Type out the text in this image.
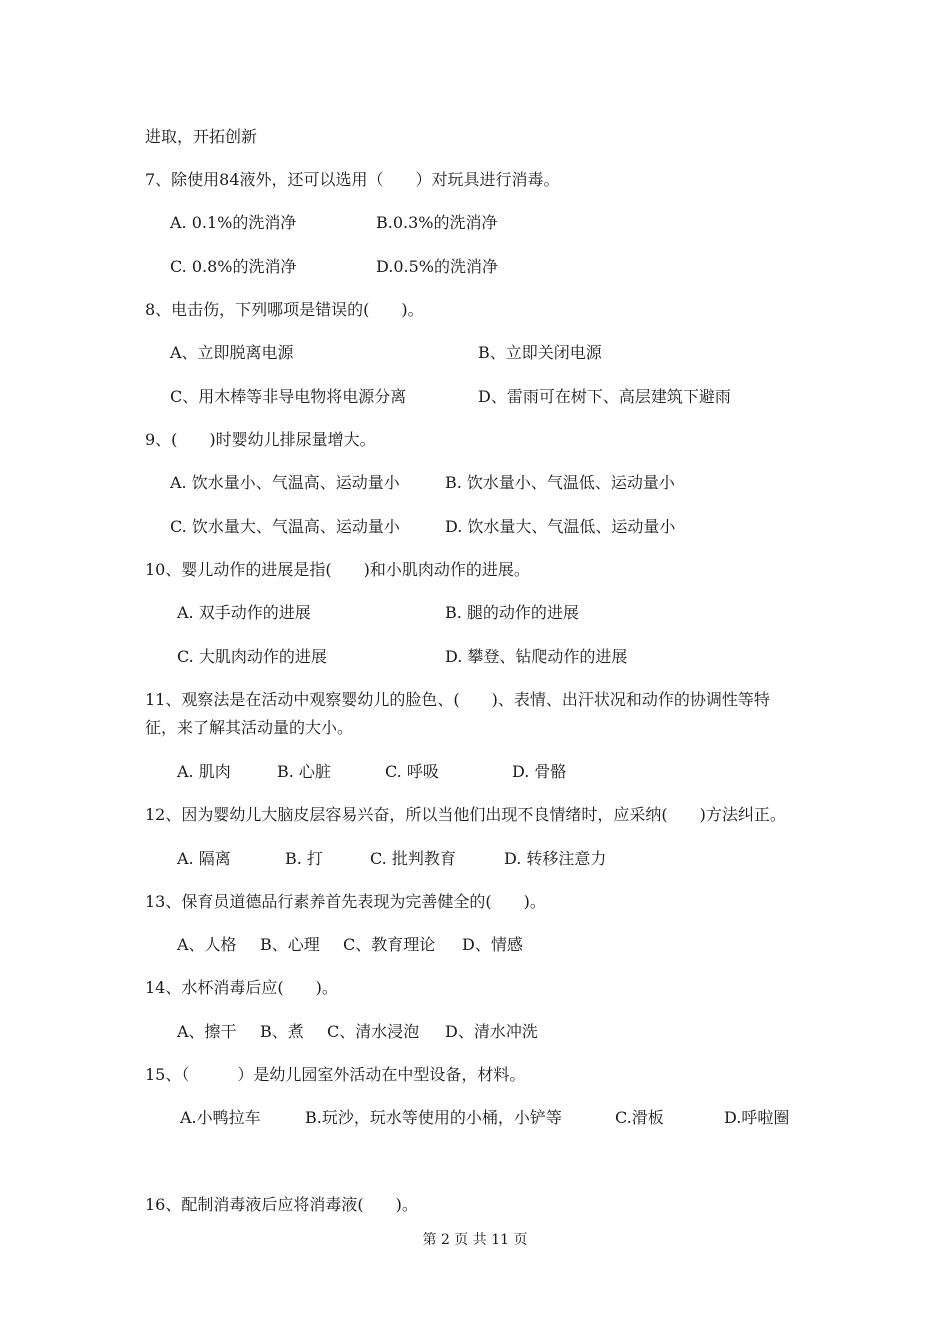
进取，开拓创新
7、除使用84液外，还可以选用（　　）对玩具进行消毒。
A. 0.1%的洗消净	B.0.3%的洗消净
C. 0.8%的洗消净	D.0.5%的洗消净
8、电击伤，下列哪项是错误的(　　)。
A、立即脱离电源	B、立即关闭电源
C、用木棒等非导电物将电源分离	D、雷雨可在树下、高层建筑下避雨
9、(　　)时婴幼儿排尿量增大。
A. 饮水量小、气温高、运动量小	B. 饮水量小、气温低、运动量小
C. 饮水量大、气温高、运动量小	D. 饮水量大、气温低、运动量小
10、婴儿动作的进展是指(　　)和小肌肉动作的进展。
A. 双手动作的进展	B. 腿的动作的进展
C. 大肌肉动作的进展	D. 攀登、钻爬动作的进展
11、观察法是在活动中观察婴幼儿的脸色、(　　)、表情、出汗状况和动作的协调性等特
征，来了解其活动量的大小。
A. 肌肉	B. 心脏	C. 呼吸	D. 骨骼
12、因为婴幼儿大脑皮层容易兴奋，所以当他们出现不良情绪时，应采纳(　　)方法纠正。
A. 隔离	B. 打	C. 批判教育	D. 转移注意力
13、保育员道德品行素养首先表现为完善健全的(　　)。
A、人格 B、心理 C、教育理论 D、情感
14、水杯消毒后应(　　)。
A、擦干 B、煮 C、清水浸泡 D、清水冲洗
15、（　　　）是幼儿园室外活动在中型设备，材料。
A.小鸭拉车	B.玩沙，玩水等使用的小桶，小铲等	C.滑板	D.呼啦圈
16、配制消毒液后应将消毒液(　　)。
第 2 页 共 11 页
